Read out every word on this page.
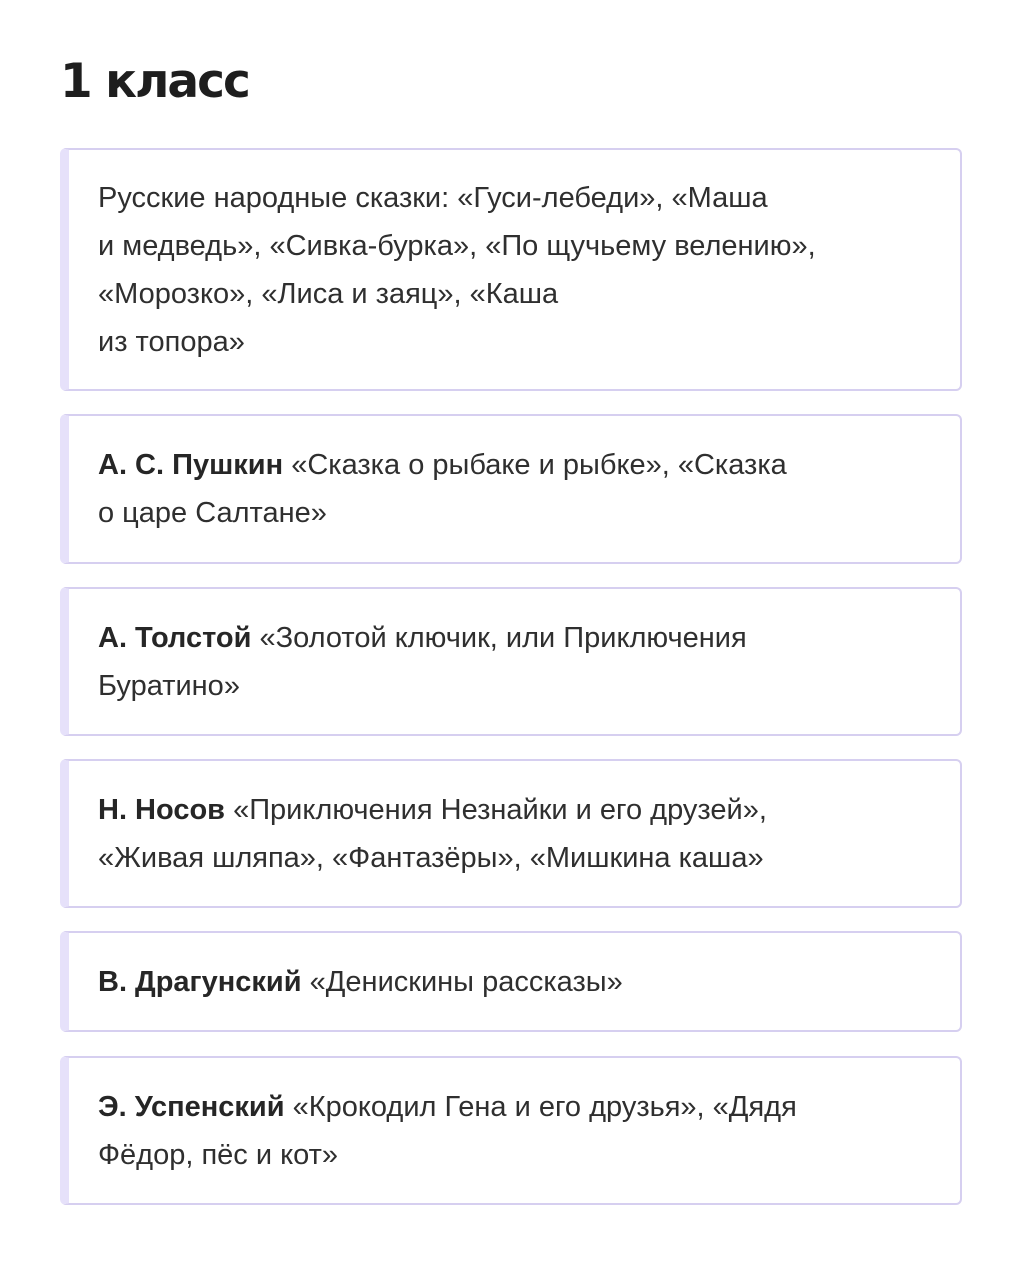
1 класс

Русские народные сказки: «Гуси-лебеди», «Маша
и медведь», «Сивка-бурка», «По щучьему велению»,
«Морозко», «Лиса и заяц», «Каша
из топора»

А. С. Пушкин «Сказка о рыбаке и рыбке», «Сказка
о царе Салтане»

А. Толстой «Золотой ключик, или Приключения
Буратино»

Н. Носов «Приключения Незнайки и его друзей»,
«Живая шляпа», «Фантазёры», «Мишкина каша»

В. Драгунский «Денискины рассказы»

Э. Успенский «Крокодил Гена и его друзья», «Дядя
Фёдор, пёс и кот»
